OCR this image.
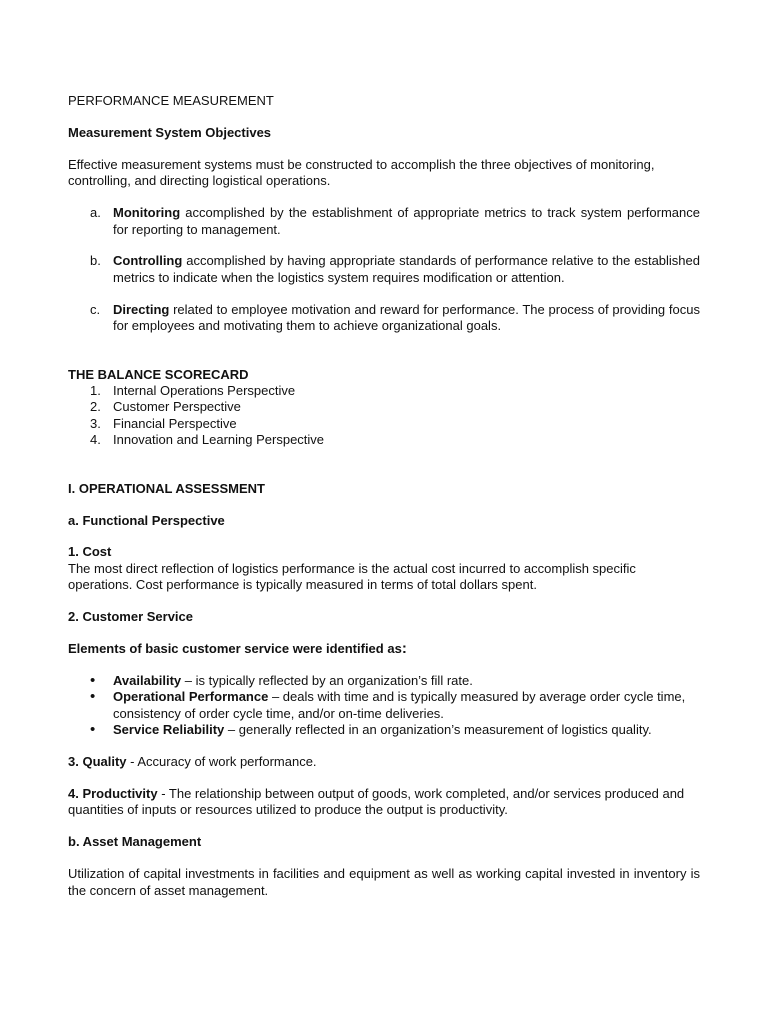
PERFORMANCE MEASUREMENT

Measurement System Objectives

Effective measurement systems must be constructed to accomplish the three objectives of monitoring, controlling, and directing logistical operations.

a. Monitoring accomplished by the establishment of appropriate metrics to track system performance for reporting to management.
b. Controlling accomplished by having appropriate standards of performance relative to the established metrics to indicate when the logistics system requires modification or attention.
c. Directing related to employee motivation and reward for performance. The process of providing focus for employees and motivating them to achieve organizational goals.

THE BALANCE SCORECARD

1. Internal Operations Perspective
2. Customer Perspective
3. Financial Perspective
4. Innovation and Learning Perspective

I. OPERATIONAL ASSESSMENT

a. Functional Perspective

1. Cost

The most direct reflection of logistics performance is the actual cost incurred to accomplish specific operations. Cost performance is typically measured in terms of total dollars spent.

2. Customer Service

Elements of basic customer service were identified as:

•	Availability – is typically reflected by an organization’s fill rate.
•	Operational Performance – deals with time and is typically measured by average order cycle time, consistency of order cycle time, and/or on-time deliveries.
•	Service Reliability – generally reflected in an organization’s measurement of logistics quality.

3. Quality - Accuracy of work performance.

4. Productivity - The relationship between output of goods, work completed, and/or services produced and quantities of inputs or resources utilized to produce the output is productivity.

b. Asset Management

Utilization of capital investments in facilities and equipment as well as working capital invested in inventory is the concern of asset management.
